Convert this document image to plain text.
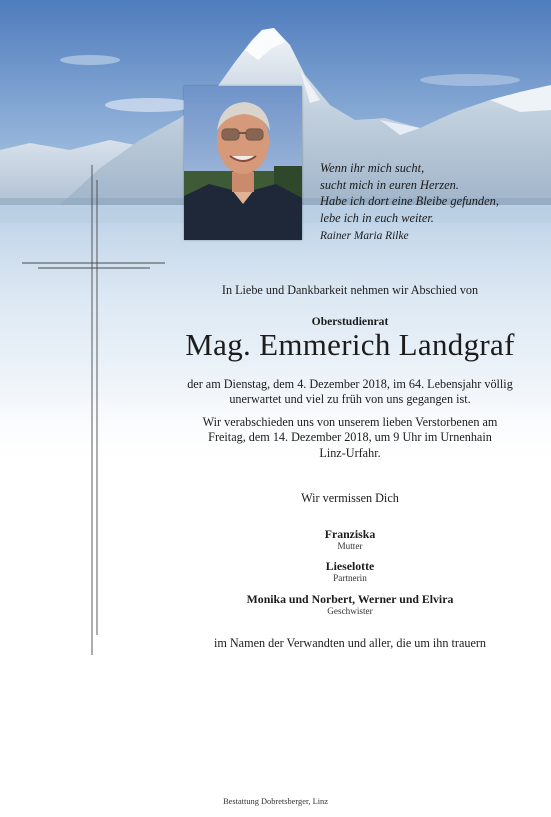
Wenn ihr mich sucht,
sucht mich in euren Herzen.
Habe ich dort eine Bleibe gefunden,
lebe ich in euch weiter.
Rainer Maria Rilke
In Liebe und Dankbarkeit nehmen wir Abschied von
Oberstudienrat
Mag. Emmerich Landgraf
der am Dienstag, dem 4. Dezember 2018, im 64. Lebensjahr völlig
unerwartet und viel zu früh von uns gegangen ist.
Wir verabschieden uns von unserem lieben Verstorbenen am
Freitag, dem 14. Dezember 2018, um 9 Uhr im Urnenhain
Linz-Urfahr.
Wir vermissen Dich
Franziska
Mutter
Lieselotte
Partnerin
Monika und Norbert, Werner und Elvira
Geschwister
im Namen der Verwandten und aller, die um ihn trauern
Bestattung Dobretsberger, Linz
